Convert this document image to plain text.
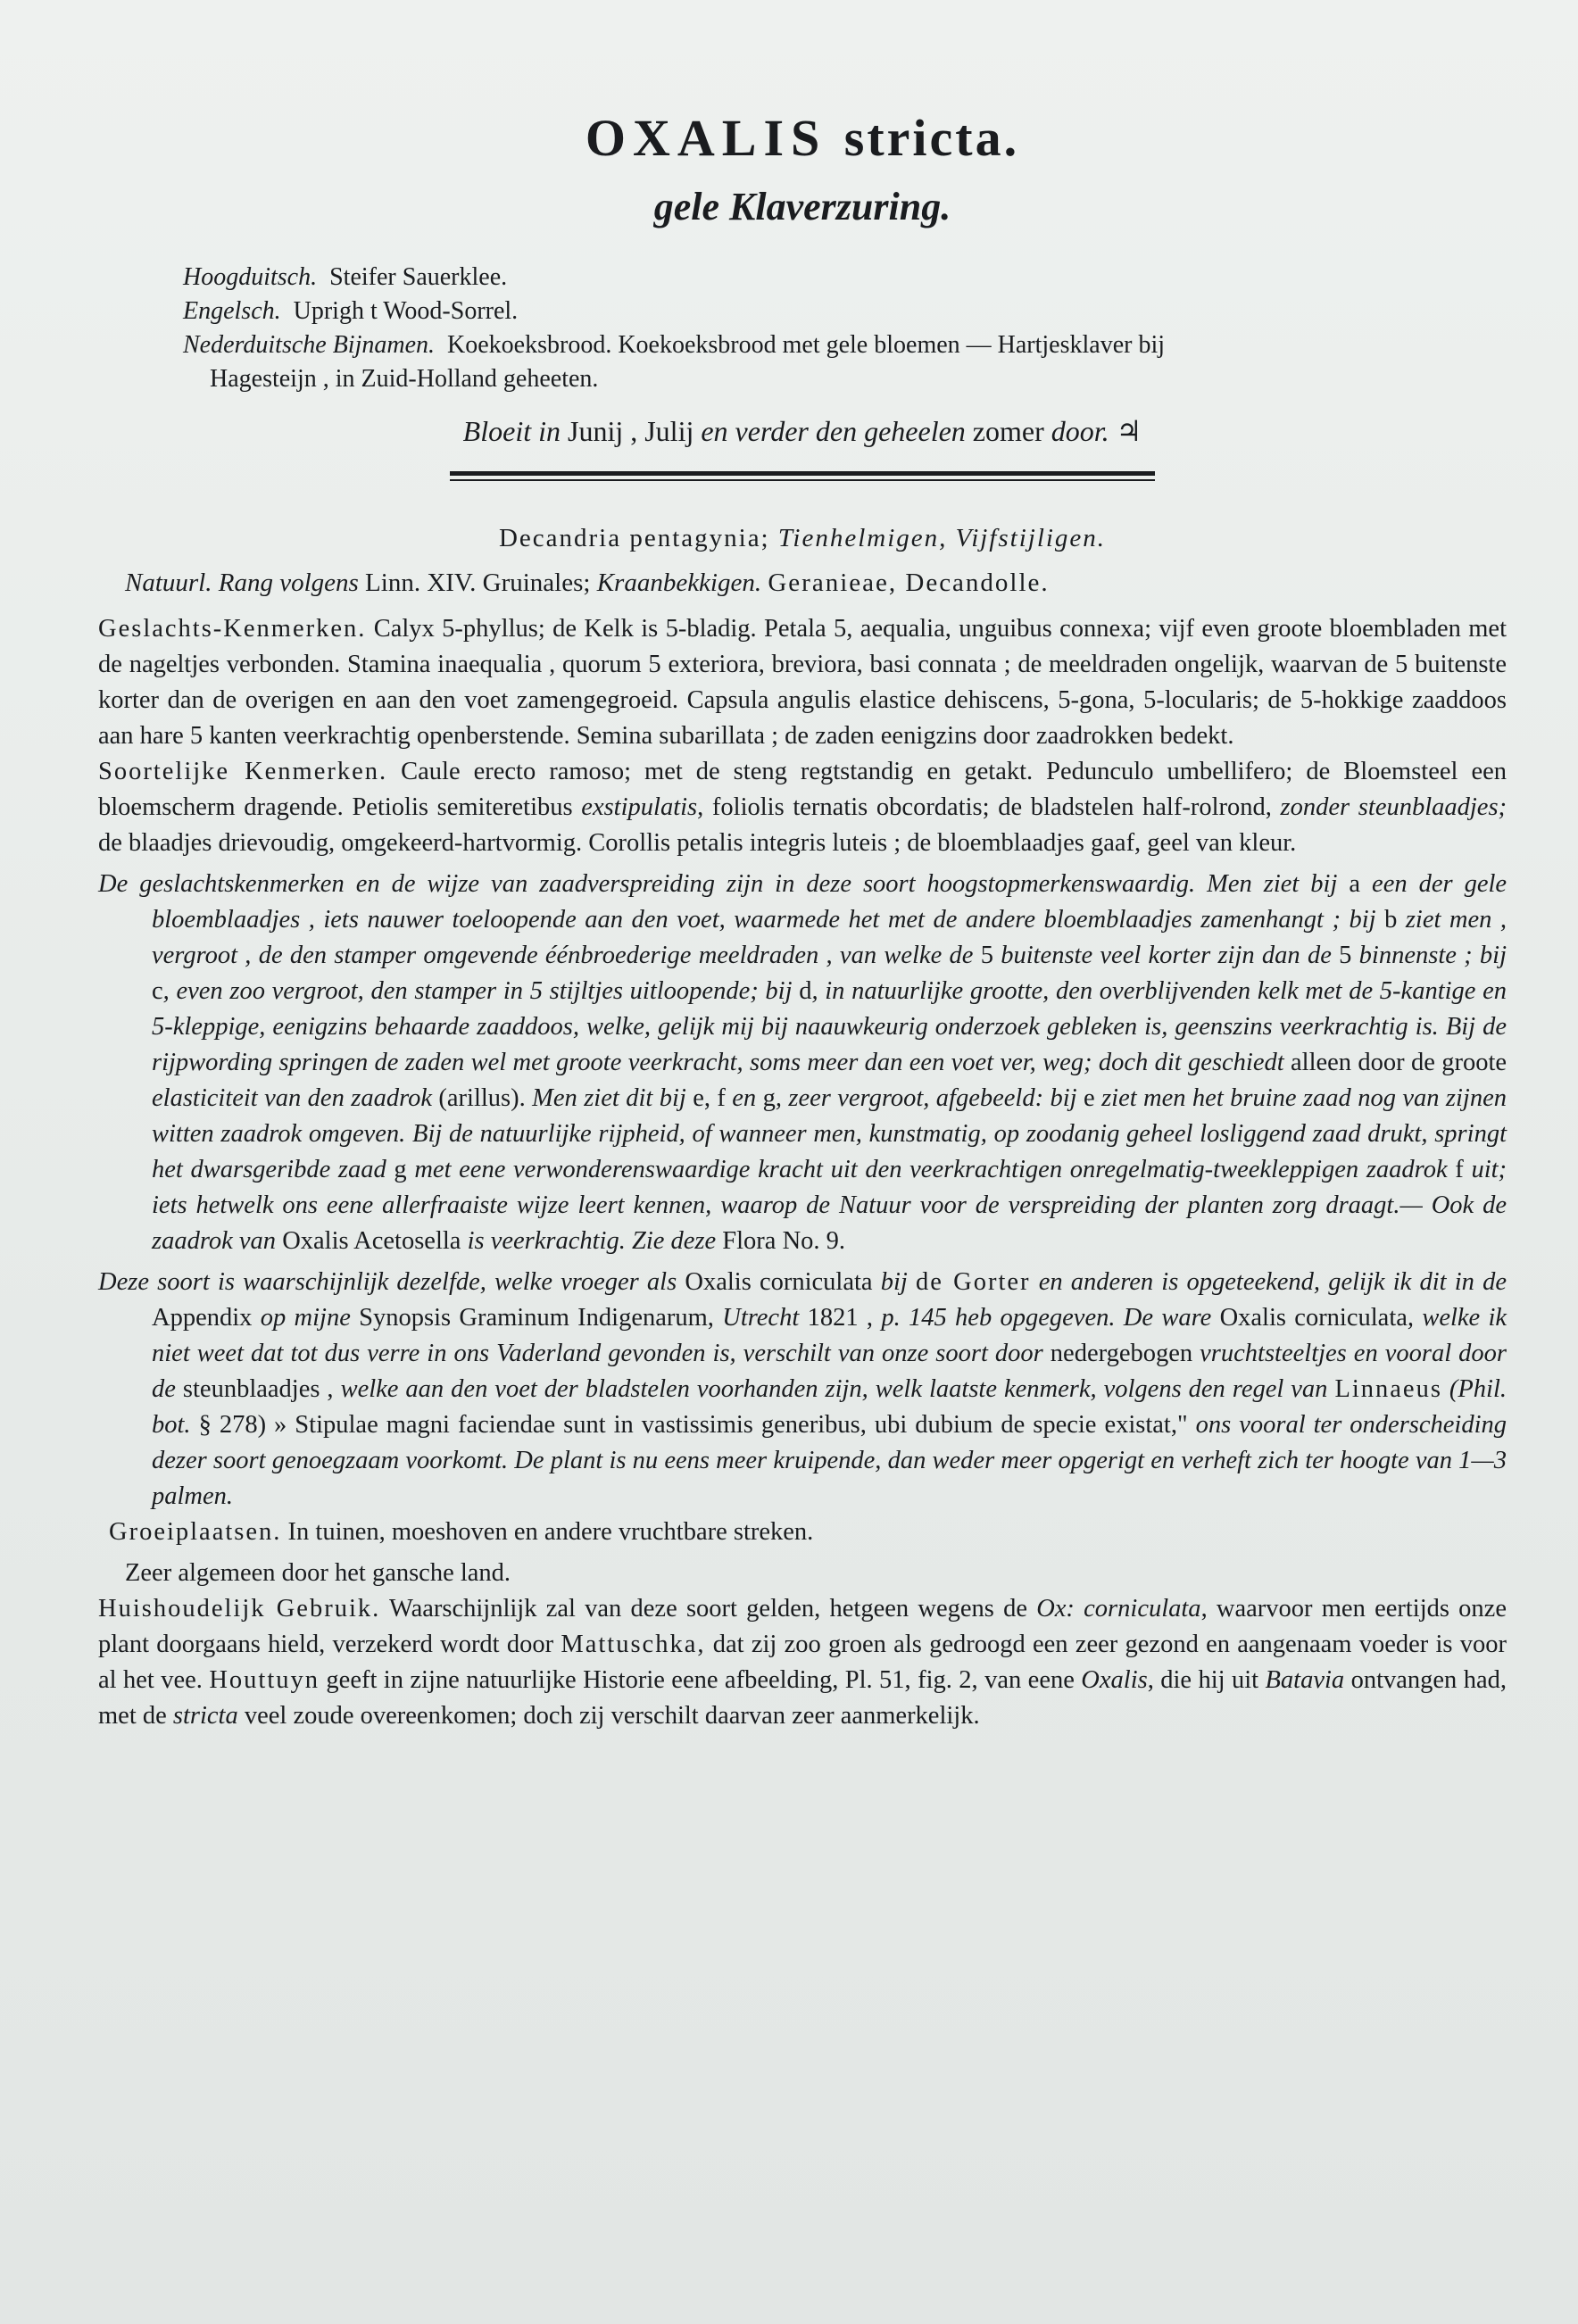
OXALIS stricta.
gele Klaverzuring.
Hoogduitsch. Steifer Sauerklee.
Engelsch. Uprigh t Wood-Sorrel.
Nederduitsche Bijnamen. Koekoeksbrood. Koekoeksbrood met gele bloemen — Hartjesklaver bij
Hagesteijn , in Zuid-Holland geheeten.
Bloeit in Junij , Julij en verder den geheelen zomer door. ♃
Decandria pentagynia; Tienhelmigen, Vijfstijligen.
Natuurl. Rang volgens Linn. XIV. Gruinales; Kraanbekkigen. Geranieae, Decandolle.

Geslachts-Kenmerken. Calyx 5-phyllus; de Kelk is 5-bladig. Petala 5, aequalia, unguibus connexa; vijf even groote bloembladen met de nageltjes verbonden. Stamina inaequalia , quorum 5 exteriora, breviora, basi connata ; de meeldraden ongelijk, waarvan de 5 buitenste korter dan de overigen en aan den voet zamengegroeid. Capsula angulis elastice dehiscens, 5-gona, 5-locularis; de 5-hokkige zaaddoos aan hare 5 kanten veerkrachtig openberstende. Semina subarillata ; de zaden eenigzins door zaadrokken bedekt.

Soortelijke Kenmerken. Caule erecto ramoso; met de steng regtstandig en getakt. Pedunculo umbellifero; de Bloemsteel een bloemscherm dragende. Petiolis semiteretibus exstipulatis, foliolis ternatis obcordatis; de bladstelen half-rolrond, zonder steunblaadjes; de blaadjes drievoudig, omgekeerd-hartvormig. Corollis petalis integris luteis ; de bloemblaadjes gaaf, geel van kleur.

De geslachtskenmerken en de wijze van zaadverspreiding zijn in deze soort hoogstopmerkenswaardig. Men ziet bij a een der gele bloemblaadjes , iets nauwer toeloopende aan den voet, waarmede het met de andere bloemblaadjes zamenhangt ; bij b ziet men , vergroot , de den stamper omgevende éénbroederige meeldraden , van welke de 5 buitenste veel korter zijn dan de 5 binnenste ; bij c, even zoo vergroot, den stamper in 5 stijltjes uitloopende; bij d, in natuurlijke grootte, den overblijvenden kelk met de 5-kantige en 5-kleppige, eenigzins behaarde zaaddoos, welke, gelijk mij bij naauwkeurig onderzoek gebleken is, geenszins veerkrachtig is. Bij de rijpwording springen de zaden wel met groote veerkracht, soms meer dan een voet ver, weg; doch dit geschiedt alleen door de groote elasticiteit van den zaadrok (arillus). Men ziet dit bij e, f en g, zeer vergroot, afgebeeld: bij e ziet men het bruine zaad nog van zijnen witten zaadrok omgeven. Bij de natuurlijke rijpheid, of wanneer men, kunstmatig, op zoodanig geheel losliggend zaad drukt, springt het dwarsgeribde zaad g met eene verwonderenswaardige kracht uit den veerkrachtigen onregelmatig-tweekleppigen zaadrok f uit; iets hetwelk ons eene allerfraaiste wijze leert kennen, waarop de Natuur voor de verspreiding der planten zorg draagt.— Ook de zaadrok van Oxalis Acetosella is veerkrachtig. Zie deze Flora No. 9.

Deze soort is waarschijnlijk dezelfde, welke vroeger als Oxalis corniculata bij de Gorter en anderen is opgeteekend, gelijk ik dit in de Appendix op mijne Synopsis Graminum Indigenarum, Utrecht 1821 , p. 145 heb opgegeven. De ware Oxalis corniculata, welke ik niet weet dat tot dus verre in ons Vaderland gevonden is, verschilt van onze soort door nedergebogen vruchtsteeltjes en vooral door de steunblaadjes , welke aan den voet der bladstelen voorhanden zijn, welk laatste kenmerk, volgens den regel van Linnaeus (Phil. bot. § 278) » Stipulae magni faciendae sunt in vastissimis generibus, ubi dubium de specie existat," ons vooral ter onderscheiding dezer soort genoegzaam voorkomt. De plant is nu eens meer kruipende, dan weder meer opgerigt en verheft zich ter hoogte van 1—3 palmen.

Groeiplaatsen. In tuinen, moeshoven en andere vruchtbare streken.

Zeer algemeen door het gansche land.

Huishoudelijk Gebruik. Waarschijnlijk zal van deze soort gelden, hetgeen wegens de Ox: corniculata, waarvoor men eertijds onze plant doorgaans hield, verzekerd wordt door Mattuschka, dat zij zoo groen als gedroogd een zeer gezond en aangenaam voeder is voor al het vee. Houttuyn geeft in zijne natuurlijke Historie eene afbeelding, Pl. 51, fig. 2, van eene Oxalis, die hij uit Batavia ontvangen had, met de stricta veel zoude overeenkomen; doch zij verschilt daarvan zeer aanmerkelijk.
